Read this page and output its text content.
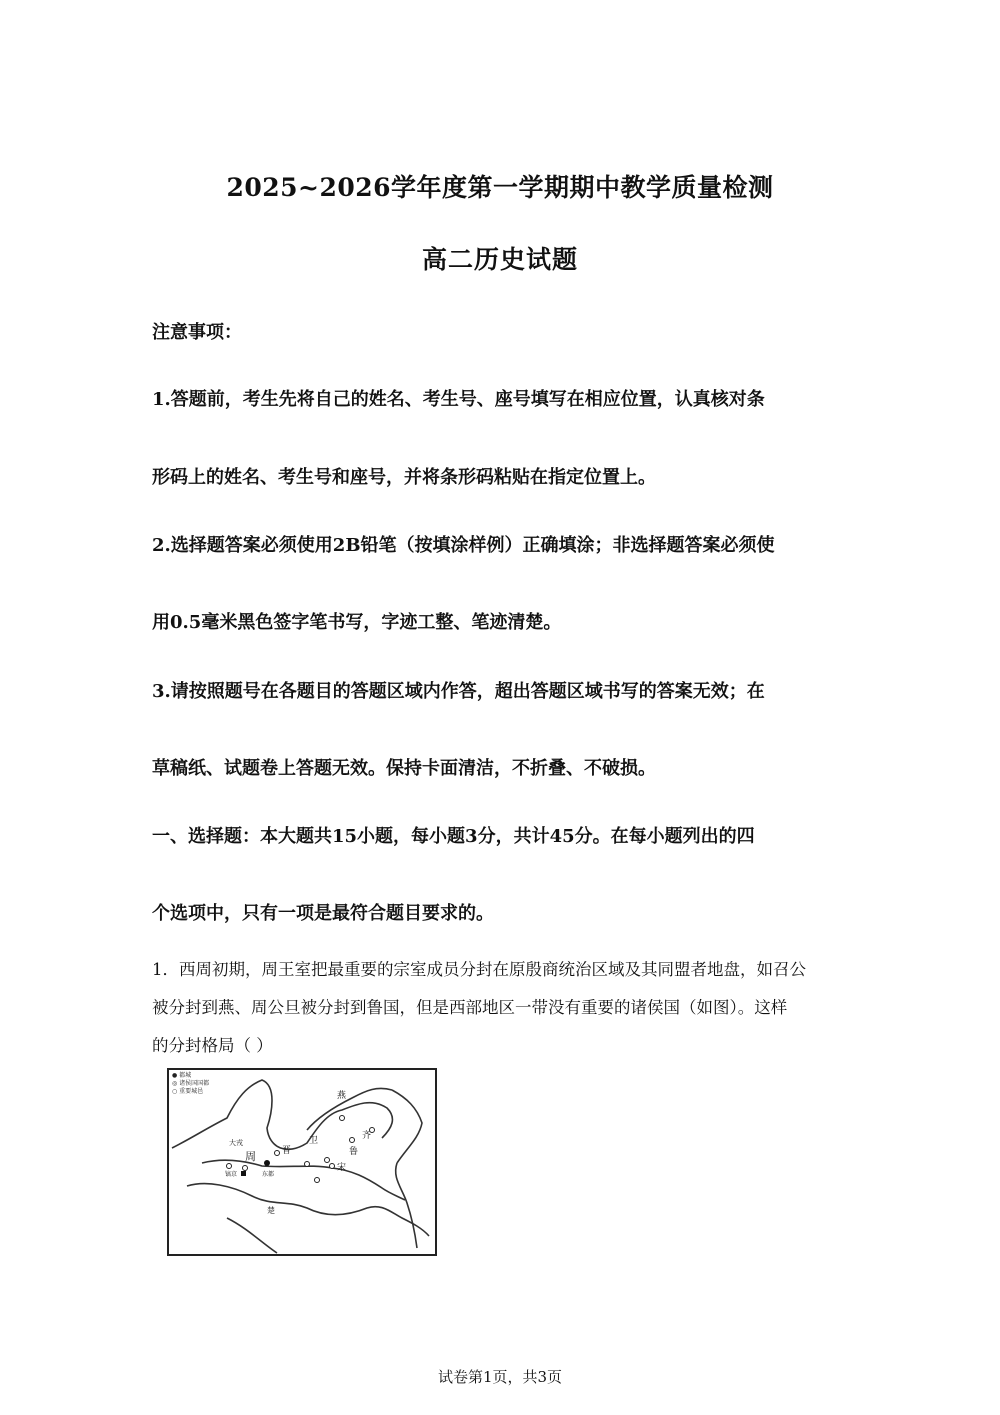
2025~2026学年度第一学期期中教学质量检测
高二历史试题
注意事项：
1.答题前，考生先将自己的姓名、考生号、座号填写在相应位置，认真核对条
形码上的姓名、考生号和座号，并将条形码粘贴在指定位置上。
2.选择题答案必须使用2B铅笔（按填涂样例）正确填涂；非选择题答案必须使
用0.5毫米黑色签字笔书写，字迹工整、笔迹清楚。
3.请按照题号在各题目的答题区域内作答，超出答题区域书写的答案无效；在
草稿纸、试题卷上答题无效。保持卡面清洁，不折叠、不破损。
一、选择题：本大题共15小题，每小题3分，共计45分。在每小题列出的四
个选项中，只有一项是最符合题目要求的。
1．西周初期，周王室把最重要的宗室成员分封在原殷商统治区域及其同盟者地盘，如召公
被分封到燕、周公旦被分封到鲁国，但是西部地区一带没有重要的诸侯国（如图）。这样
的分封格局（ ）
● 都城
◎ 诸侯国国都
○ 重要城邑	燕
齐
鲁
卫
晋
宋
大戎
周
镐京	东都
楚
试卷第1页，共3页
